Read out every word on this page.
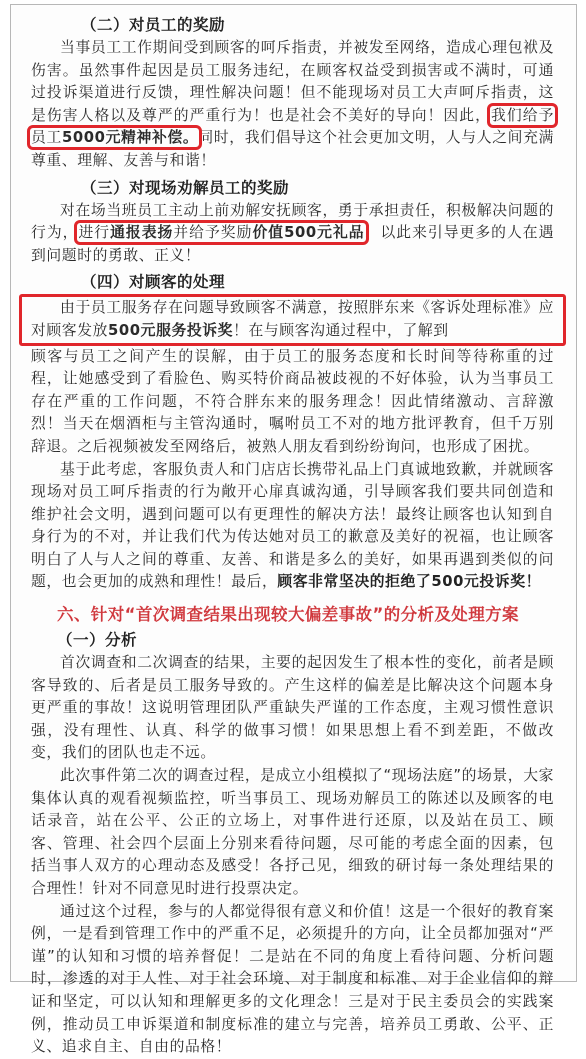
（二）对员工的奖励

当事员工工作期间受到顾客的呵斥指责，并被发至网络，造成心理包袱及伤害。虽然事件起因是员工服务违纪，在顾客权益受到损害或不满时，可通过投诉渠道进行反馈，理性解决问题！但不能现场对员工大声呵斥指责，这是伤害人格以及尊严的严重行为！也是社会不美好的导向！因此，我们给予员工5000元精神补偿。同时，我们倡导这个社会更加文明，人与人之间充满尊重、理解、友善与和谐！

（三）对现场劝解员工的奖励

对在场当班员工主动上前劝解安抚顾客，勇于承担责任，积极解决问题的行为，进行通报表扬并给予奖励价值500元礼品，以此来引导更多的人在遇到问题时的勇敢、正义！

（四）对顾客的处理

由于员工服务存在问题导致顾客不满意，按照胖东来《客诉处理标准》应对顾客发放500元服务投诉奖！在与顾客沟通过程中，了解到

顾客与员工之间产生的误解，由于员工的服务态度和长时间等待称重的过程，让她感受到了看脸色、购买特价商品被歧视的不好体验，认为当事员工存在严重的工作问题，不符合胖东来的服务理念！因此情绪激动、言辞激烈！当天在烟酒柜与主管沟通时，嘱咐员工不对的地方批评教育，但千万别辞退。之后视频被发至网络后，被熟人朋友看到纷纷询问，也形成了困扰。

基于此考虑，客服负责人和门店店长携带礼品上门真诚地致歉，并就顾客现场对员工呵斥指责的行为敞开心扉真诚沟通，引导顾客我们要共同创造和维护社会文明，遇到问题可以有更理性的解决方法！最终让顾客也认知到自身行为的不对，并让我们代为传达她对员工的歉意及美好的祝福，也让顾客明白了人与人之间的尊重、友善、和谐是多么的美好，如果再遇到类似的问题，也会更加的成熟和理性！最后，顾客非常坚决的拒绝了500元投诉奖！

六、针对“首次调查结果出现较大偏差事故”的分析及处理方案
（一）分析

首次调查和二次调查的结果，主要的起因发生了根本性的变化，前者是顾客导致的、后者是员工服务导致的。产生这样的偏差是比解决这个问题本身更严重的事故！这说明管理团队严重缺失严谨的工作态度，主观习惯性意识强，没有理性、认真、科学的做事习惯！如果思想上看不到差距，不做改变，我们的团队也走不远。

此次事件第二次的调查过程，是成立小组模拟了“现场法庭”的场景，大家集体认真的观看视频监控，听当事员工、现场劝解员工的陈述以及顾客的电话录音，站在公平、公正的立场上，对事件进行还原，以及站在员工、顾客、管理、社会四个层面上分别来看待问题，尽可能的考虑全面的因素，包括当事人双方的心理动态及感受！各抒己见，细致的研讨每一条处理结果的合理性！针对不同意见时进行投票决定。

通过这个过程，参与的人都觉得很有意义和价值！这是一个很好的教育案例，一是看到管理工作中的严重不足，必须提升的方向，让全员都加强对“严谨”的认知和习惯的培养督促！二是站在不同的角度上看待问题、分析问题时，渗透的对于人性、对于社会环境、对于制度和标准、对于企业信仰的辩证和坚定，可以认知和理解更多的文化理念！三是对于民主委员会的实践案例，推动员工申诉渠道和制度标准的建立与完善，培养员工勇敢、公平、正义、追求自主、自由的品格！
